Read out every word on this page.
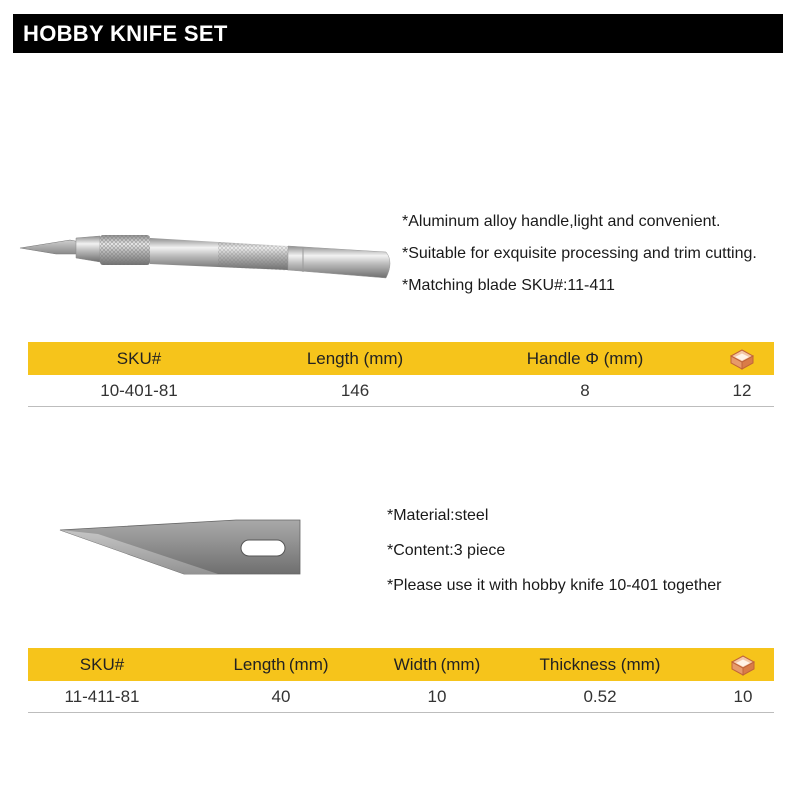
HOBBY KNIFE SET
*Aluminum alloy handle,light and convenient.
*Suitable for exquisite processing and trim cutting.
*Matching blade SKU#:11-411
SKU#	Length (mm)	Handle Φ (mm)
10-401-81	146	8	12
*Material:steel
*Content:3 piece
*Please use it with hobby knife 10-401 together
SKU#	Length (mm)	Width (mm)	Thickness (mm)
11-411-81	40	10	0.52	10
